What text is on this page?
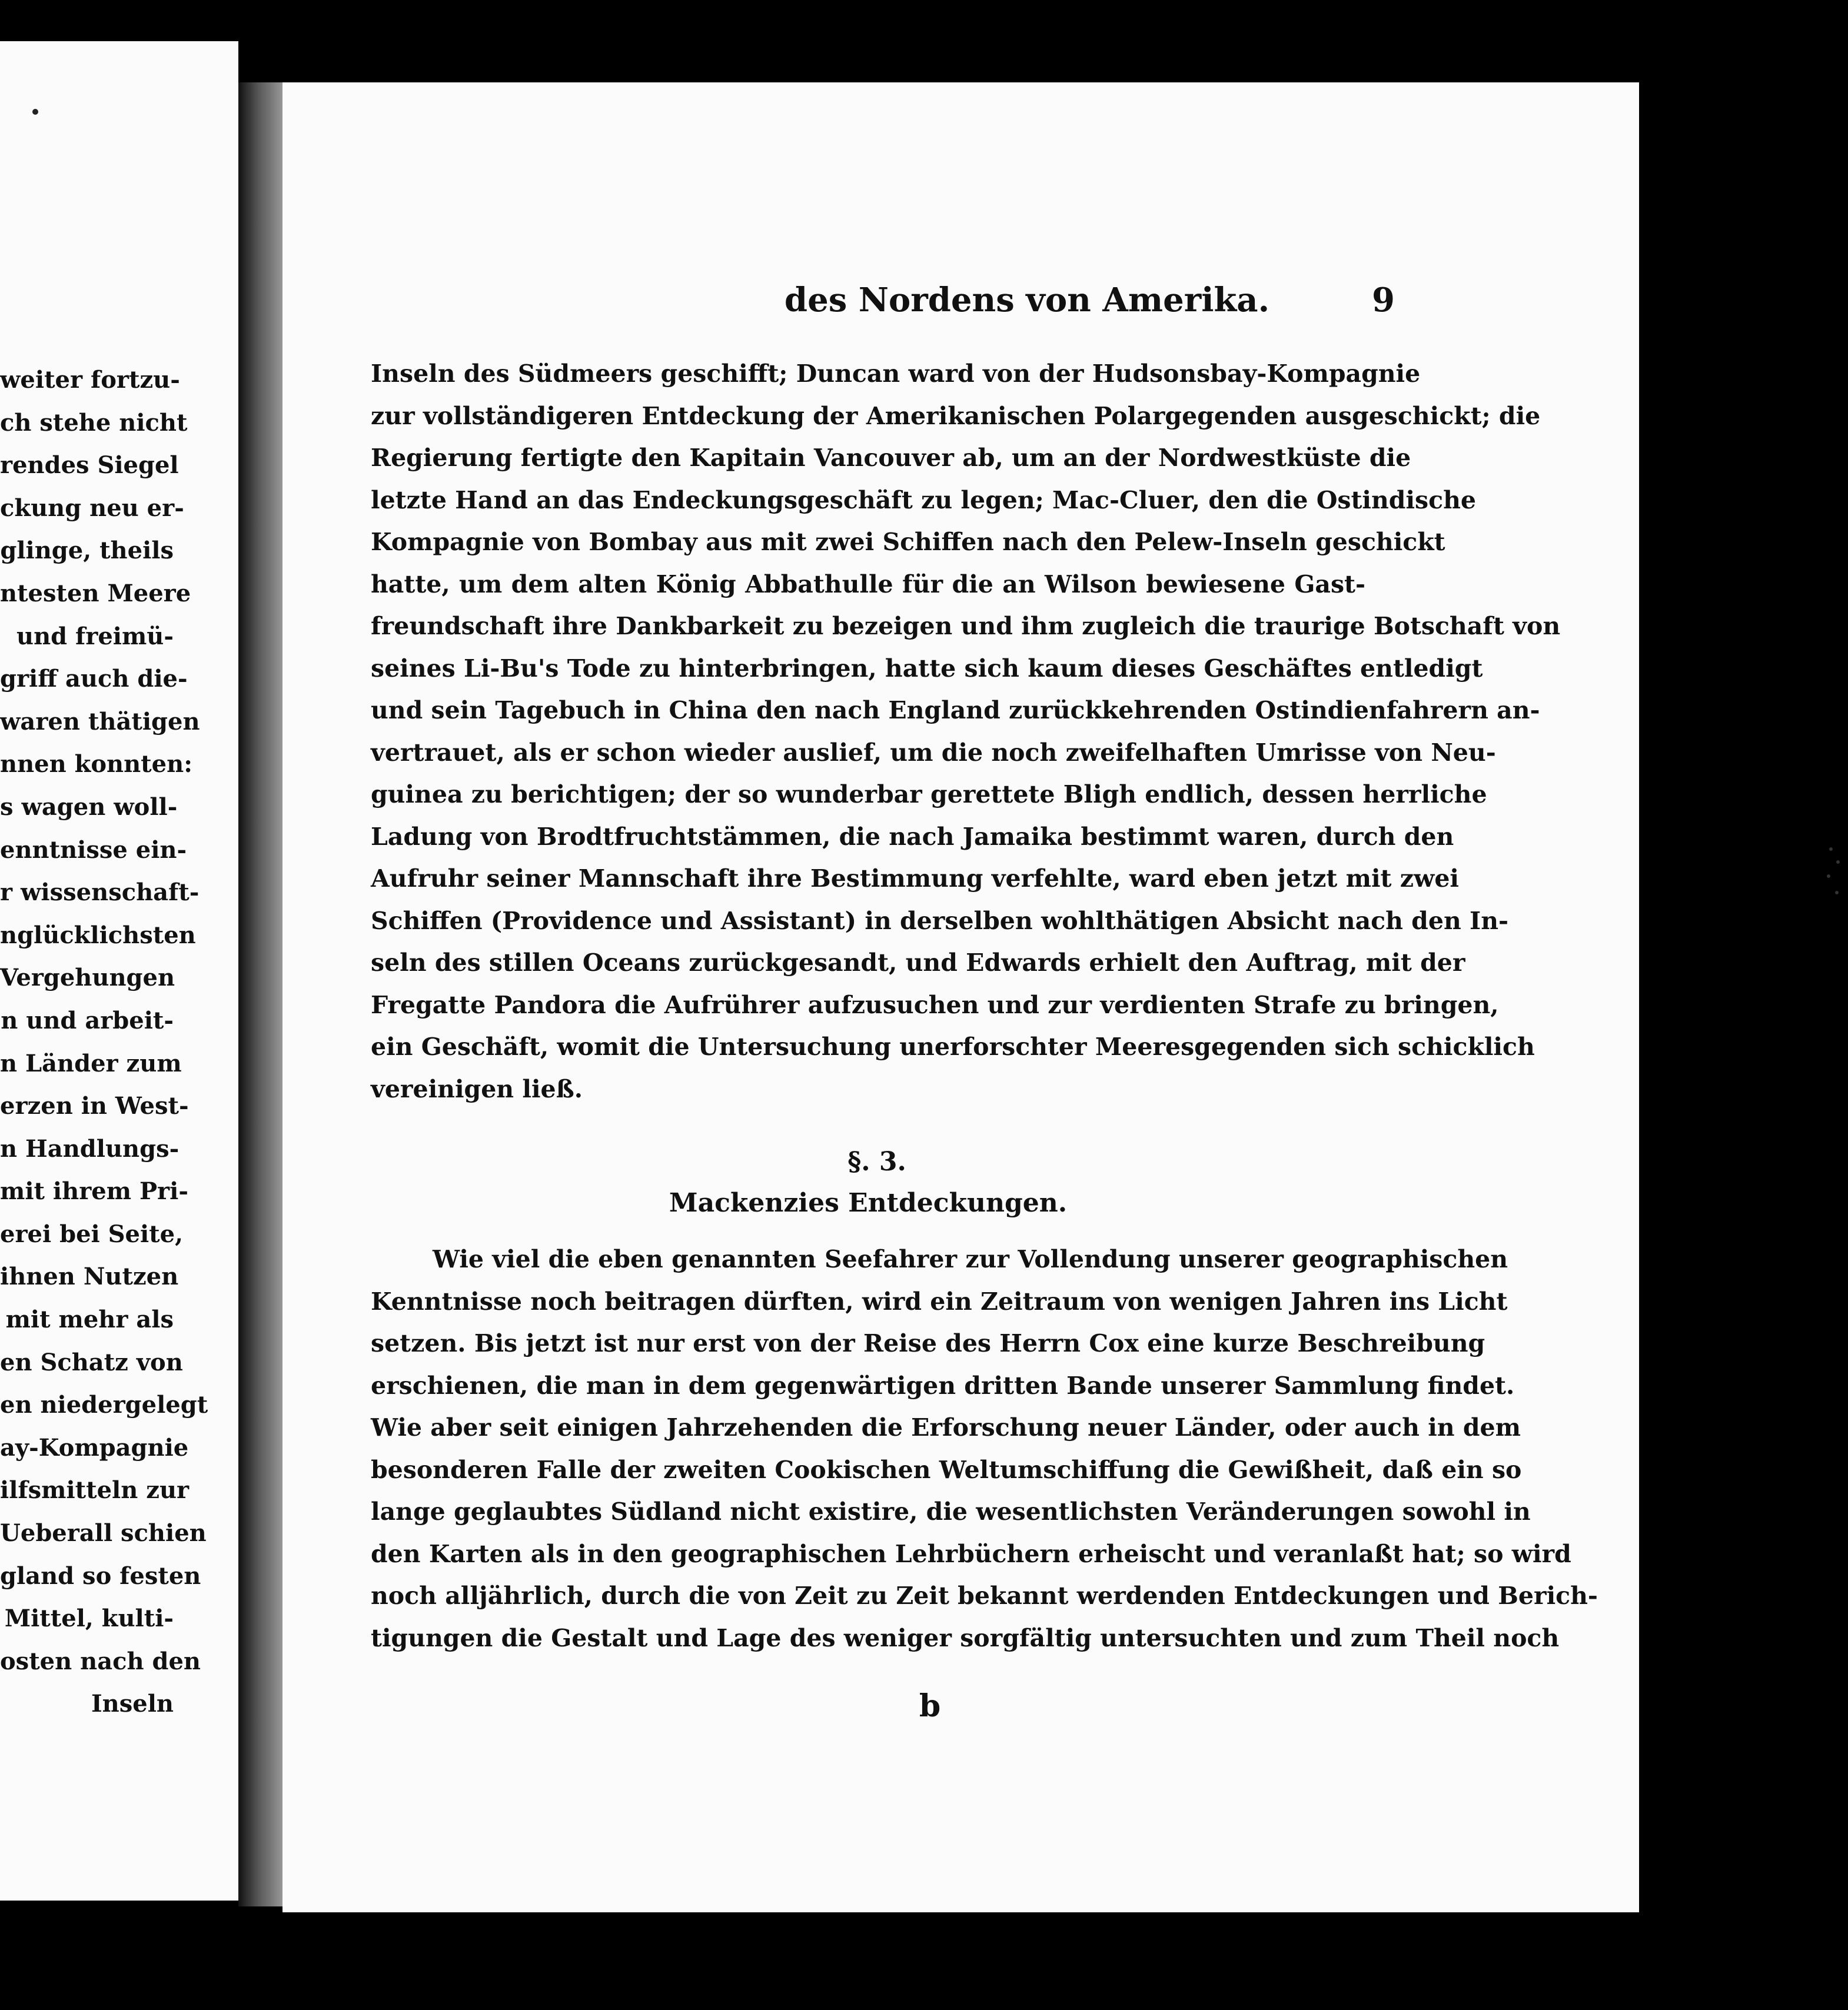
weiter fortzu-
ch stehe nicht
rendes Siegel
ckung neu er-
glinge, theils
ntesten Meere
und freimü-
griff auch die-
waren thätigen
nnen konnten:
s wagen woll-
enntnisse ein-
r wissenschaft-
nglücklichsten
Vergehungen
n und arbeit-
n Länder zum
erzen in West-
n Handlungs-
mit ihrem Pri-
erei bei Seite,
ihnen Nutzen
mit mehr als
en Schatz von
en niedergelegt
ay-Kompagnie
ilfsmitteln zur
Ueberall schien
gland so festen
Mittel, kulti-
osten nach den
Inseln
des Nordens von Amerika.	9
Inseln des Südmeers geschifft; Duncan ward von der Hudsonsbay-Kompagnie
zur vollständigeren Entdeckung der Amerikanischen Polargegenden ausgeschickt; die
Regierung fertigte den Kapitain Vancouver ab, um an der Nordwestküste die
letzte Hand an das Endeckungsgeschäft zu legen; Mac-Cluer, den die Ostindische
Kompagnie von Bombay aus mit zwei Schiffen nach den Pelew-Inseln geschickt
hatte, um dem alten König Abbathulle für die an Wilson bewiesene Gast-
freundschaft ihre Dankbarkeit zu bezeigen und ihm zugleich die traurige Botschaft von
seines Li-Bu's Tode zu hinterbringen, hatte sich kaum dieses Geschäftes entledigt
und sein Tagebuch in China den nach England zurückkehrenden Ostindienfahrern an-
vertrauet, als er schon wieder auslief, um die noch zweifelhaften Umrisse von Neu-
guinea zu berichtigen; der so wunderbar gerettete Bligh endlich, dessen herrliche
Ladung von Brodtfruchtstämmen, die nach Jamaika bestimmt waren, durch den
Aufruhr seiner Mannschaft ihre Bestimmung verfehlte, ward eben jetzt mit zwei
Schiffen (Providence und Assistant) in derselben wohlthätigen Absicht nach den In-
seln des stillen Oceans zurückgesandt, und Edwards erhielt den Auftrag, mit der
Fregatte Pandora die Aufrührer aufzusuchen und zur verdienten Strafe zu bringen,
ein Geschäft, womit die Untersuchung unerforschter Meeresgegenden sich schicklich
vereinigen ließ.
§. 3.
Mackenzies Entdeckungen.
Wie viel die eben genannten Seefahrer zur Vollendung unserer geographischen
Kenntnisse noch beitragen dürften, wird ein Zeitraum von wenigen Jahren ins Licht
setzen. Bis jetzt ist nur erst von der Reise des Herrn Cox eine kurze Beschreibung
erschienen, die man in dem gegenwärtigen dritten Bande unserer Sammlung findet.
Wie aber seit einigen Jahrzehenden die Erforschung neuer Länder, oder auch in dem
besonderen Falle der zweiten Cookischen Weltumschiffung die Gewißheit, daß ein so
lange geglaubtes Südland nicht existire, die wesentlichsten Veränderungen sowohl in
den Karten als in den geographischen Lehrbüchern erheischt und veranlaßt hat; so wird
noch alljährlich, durch die von Zeit zu Zeit bekannt werdenden Entdeckungen und Berich-
tigungen die Gestalt und Lage des weniger sorgfältig untersuchten und zum Theil noch
b
